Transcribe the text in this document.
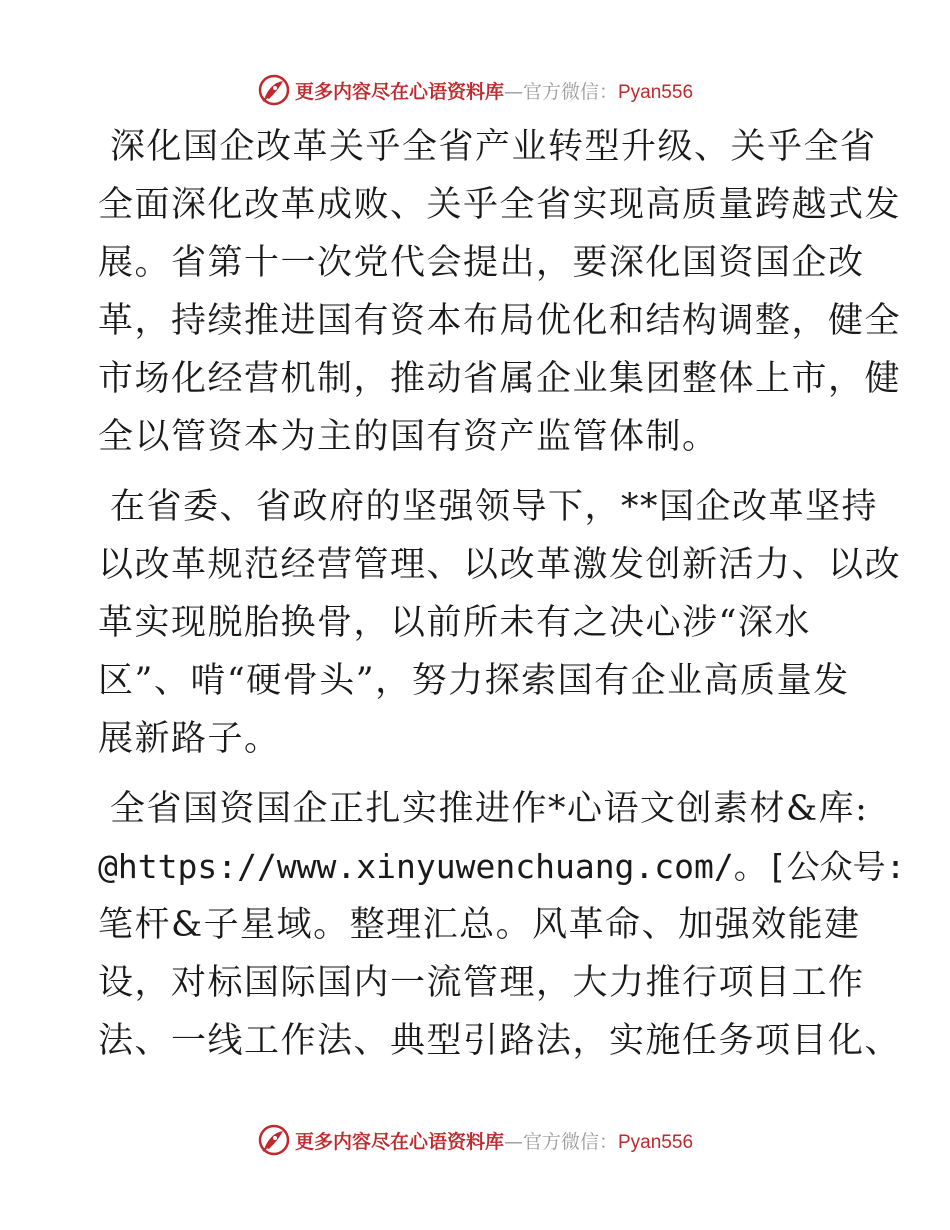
更多内容尽在心语资料库—官方微信：Pyan556
深化国企改革关乎全省产业转型升级、关乎全省
全面深化改革成败、关乎全省实现高质量跨越式发
展。省第十一次党代会提出，要深化国资国企改
革，持续推进国有资本布局优化和结构调整，健全
市场化经营机制，推动省属企业集团整体上市，健
全以管资本为主的国有资产监管体制。
在省委、省政府的坚强领导下，**国企改革坚持
以改革规范经营管理、以改革激发创新活力、以改
革实现脱胎换骨，以前所未有之决心涉“深水
区”、啃“硬骨头”，努力探索国有企业高质量发
展新路子。
全省国资国企正扎实推进作*心语文创素材&库:
@https://www.xinyuwenchuang.com/。[公众号:
笔杆&子星域。整理汇总。风革命、加强效能建
设，对标国际国内一流管理，大力推行项目工作
法、一线工作法、典型引路法，实施任务项目化、
更多内容尽在心语资料库—官方微信：Pyan556
